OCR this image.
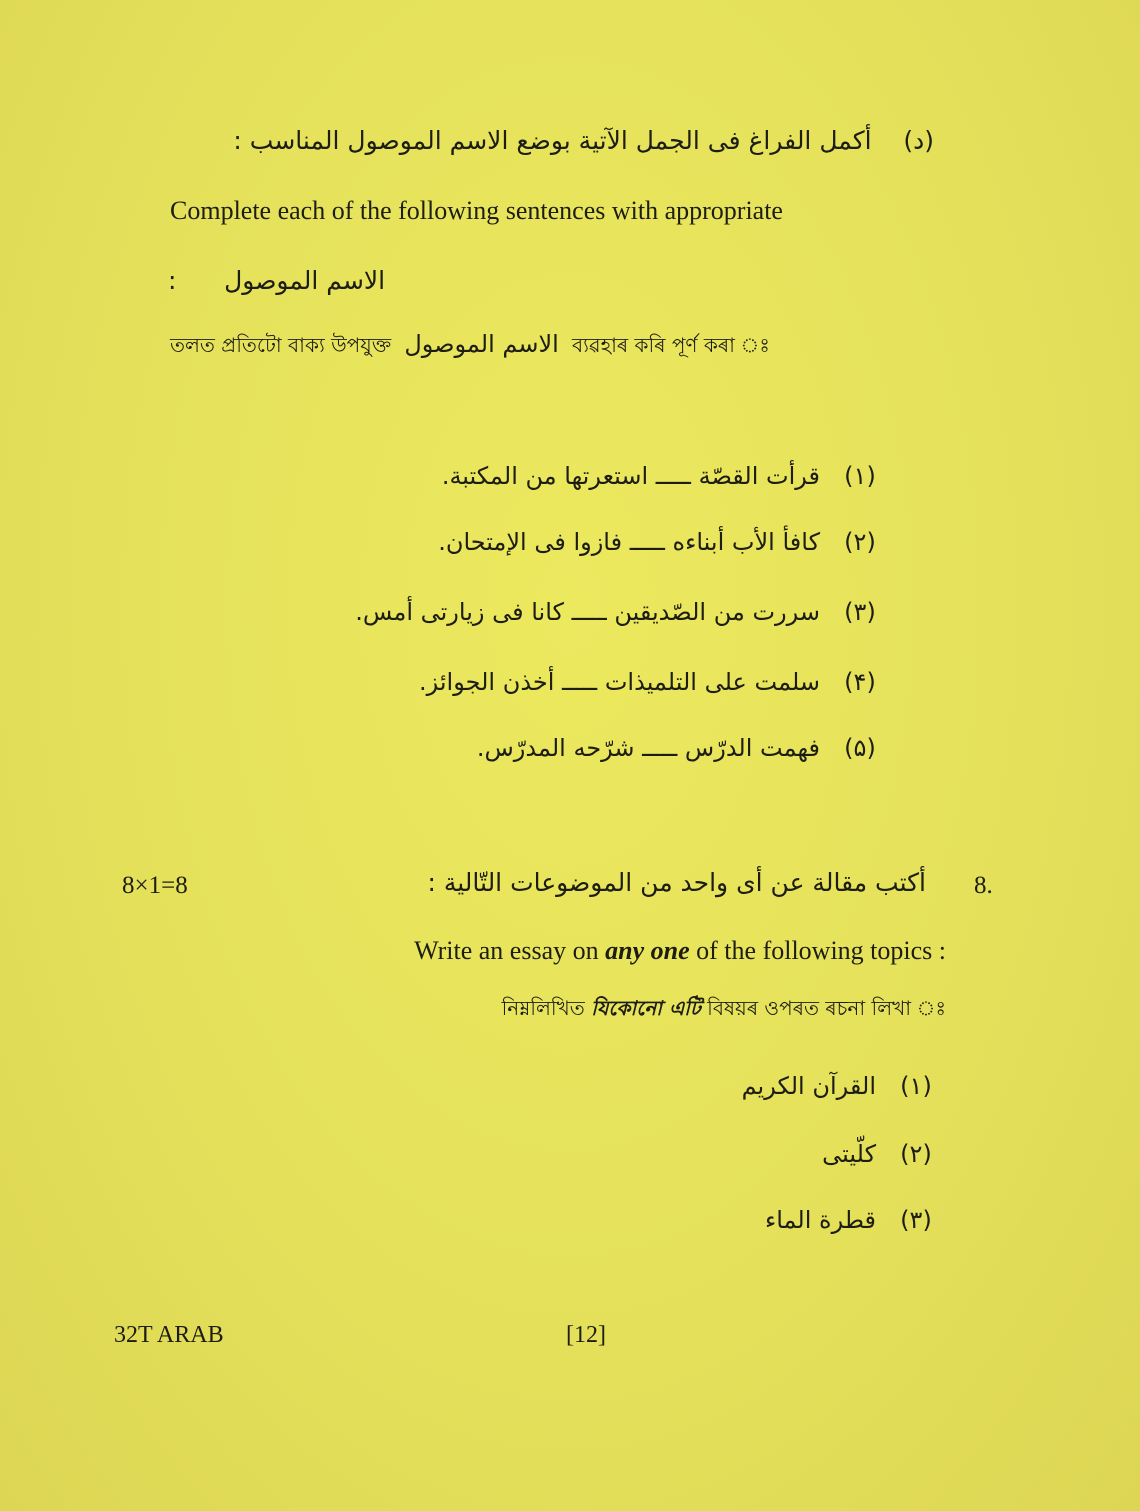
(د)    أكمل الفراغ فى الجمل الآتية بوضع الاسم الموصول المناسب :
Complete each of the following sentences with appropriate
الاسم الموصول      :
তলত প্ৰতিটো বাক্য উপযুক্ত الاسم الموصول ব্যৱহাৰ কৰি পূৰ্ণ কৰা ঃ
(١)
قرأت القصّة ـــــ استعرتها من المكتبة.
(٢)
كافأ الأب أبناءه ـــــ فازوا فى الإمتحان.
(٣)
سررت من الصّديقين ـــــ كانا فى زيارتى أمس.
(۴)
سلمت على التلميذات ـــــ أخذن الجوائز.
(۵)
فهمت الدرّس ـــــ شرّحه المدرّس.
8×1=8	أكتب مقالة عن أى واحد من الموضوعات التّالية : 8.
Write an essay on any one of the following topics :
নিম্নলিখিত যিকোনো এটি বিষয়ৰ ওপৰত ৰচনা লিখা ঃ
(١)
القرآن الكريم
(٢)
كلّيتى
(٣)
قطرة الماء
32T ARAB	[12]
